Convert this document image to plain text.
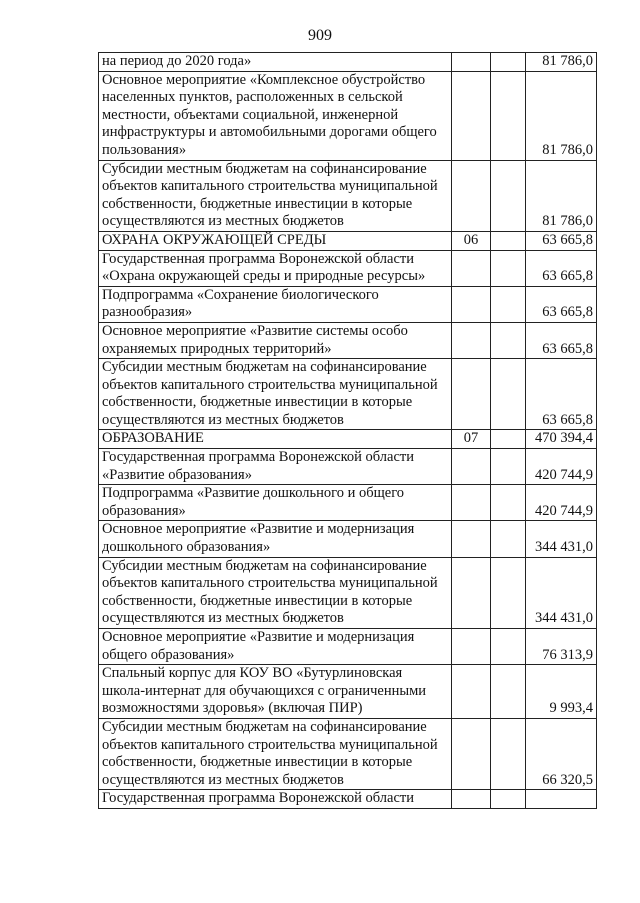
909
на период до 2020 года»			81 786,0
Основное мероприятие «Комплексное обустройство населенных пунктов, расположенных в сельской местности, объектами социальной, инженерной инфраструктуры и автомобильными дорогами общего пользования»			81 786,0
Субсидии местным бюджетам на софинансирование объектов капитального строительства муниципальной собственности, бюджетные инвестиции в которые осуществляются из местных бюджетов			81 786,0
ОХРАНА ОКРУЖАЮЩЕЙ СРЕДЫ	06		63 665,8
Государственная программа Воронежской области «Охрана окружающей среды и природные ресурсы»			63 665,8
Подпрограмма «Сохранение биологического разнообразия»			63 665,8
Основное мероприятие «Развитие системы особо охраняемых природных территорий»			63 665,8
Субсидии местным бюджетам на софинансирование объектов капитального строительства муниципальной собственности, бюджетные инвестиции в которые осуществляются из местных бюджетов			63 665,8
ОБРАЗОВАНИЕ	07		470 394,4
Государственная программа Воронежской области «Развитие образования»			420 744,9
Подпрограмма «Развитие дошкольного и общего образования»			420 744,9
Основное мероприятие «Развитие и модернизация дошкольного образования»			344 431,0
Субсидии местным бюджетам на софинансирование объектов капитального строительства муниципальной собственности, бюджетные инвестиции в которые осуществляются из местных бюджетов			344 431,0
Основное мероприятие «Развитие и модернизация общего образования»			76 313,9
Спальный корпус для КОУ ВО «Бутурлиновская школа-интернат для обучающихся с ограниченными возможностями здоровья» (включая ПИР)			9 993,4
Субсидии местным бюджетам на софинансирование объектов капитального строительства муниципальной собственности, бюджетные инвестиции в которые осуществляются из местных бюджетов			66 320,5
Государственная программа Воронежской области			
